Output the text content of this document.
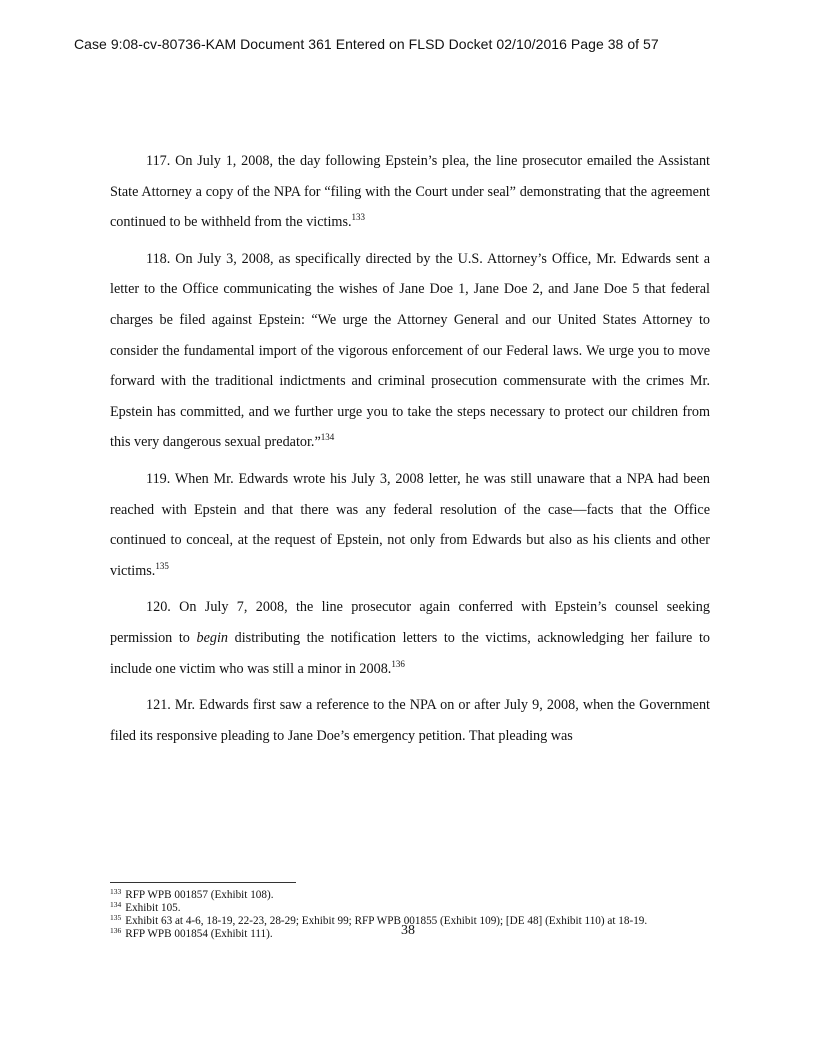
Case 9:08-cv-80736-KAM Document 361 Entered on FLSD Docket 02/10/2016 Page 38 of 57

117. On July 1, 2008, the day following Epstein’s plea, the line prosecutor emailed the Assistant State Attorney a copy of the NPA for “filing with the Court under seal” demonstrating that the agreement continued to be withheld from the victims.$^{133}$

118. On July 3, 2008, as specifically directed by the U.S. Attorney’s Office, Mr. Edwards sent a letter to the Office communicating the wishes of Jane Doe 1, Jane Doe 2, and Jane Doe 5 that federal charges be filed against Epstein: “We urge the Attorney General and our United States Attorney to consider the fundamental import of the vigorous enforcement of our Federal laws. We urge you to move forward with the traditional indictments and criminal prosecution commensurate with the crimes Mr. Epstein has committed, and we further urge you to take the steps necessary to protect our children from this very dangerous sexual predator.”$^{134}$

119. When Mr. Edwards wrote his July 3, 2008 letter, he was still unaware that a NPA had been reached with Epstein and that there was any federal resolution of the case—facts that the Office continued to conceal, at the request of Epstein, not only from Edwards but also as his clients and other victims.$^{135}$

120. On July 7, 2008, the line prosecutor again conferred with Epstein’s counsel seeking permission to begin distributing the notification letters to the victims, acknowledging her failure to include one victim who was still a minor in 2008.$^{136}$

121. Mr. Edwards first saw a reference to the NPA on or after July 9, 2008, when the Government filed its responsive pleading to Jane Doe’s emergency petition. That pleading was

$^{133}$ RFP WPB 001857 (Exhibit 108).

$^{134}$ Exhibit 105.

$^{135}$ Exhibit 63 at 4-6, 18-19, 22-23, 28-29; Exhibit 99; RFP WPB 001855 (Exhibit 109); [DE 48] (Exhibit 110) at 18-19.

$^{136}$ RFP WPB 001854 (Exhibit 111).	38
